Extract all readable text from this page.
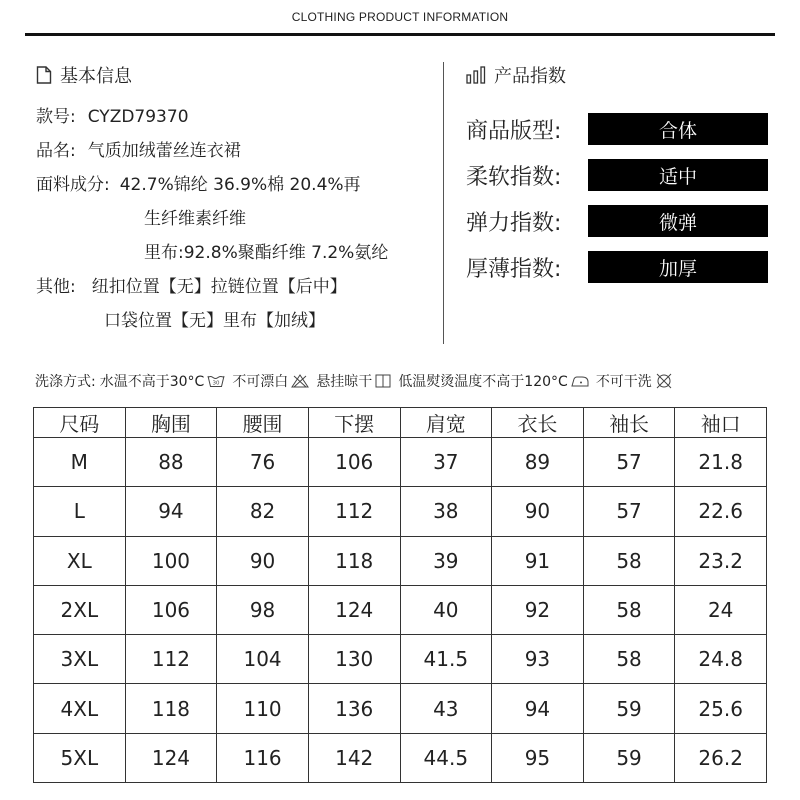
CLOTHING PRODUCT INFORMATION
基本信息
款号: CYZD79370
品名: 气质加绒蕾丝连衣裙
面料成分: 42.7%锦纶 36.9%棉 20.4%再
生纤维素纤维
里布:92.8%聚酯纤维 7.2%氨纶
其他: 纽扣位置【无】拉链位置【后中】
口袋位置【无】里布【加绒】
产品指数
商品版型:	合体
柔软指数:	适中
弹力指数:	微弹
厚薄指数:	加厚
洗涤方式: 水温不高于30°C 30 不可漂白 悬挂晾干 低温熨烫温度不高于120°C 不可干洗
尺码	胸围	腰围	下摆	肩宽	衣长	袖长	袖口
M	88	76	106	37	89	57	21.8
L	94	82	112	38	90	57	22.6
XL	100	90	118	39	91	58	23.2
2XL	106	98	124	40	92	58	24
3XL	112	104	130	41.5	93	58	24.8
4XL	118	110	136	43	94	59	25.6
5XL	124	116	142	44.5	95	59	26.2
